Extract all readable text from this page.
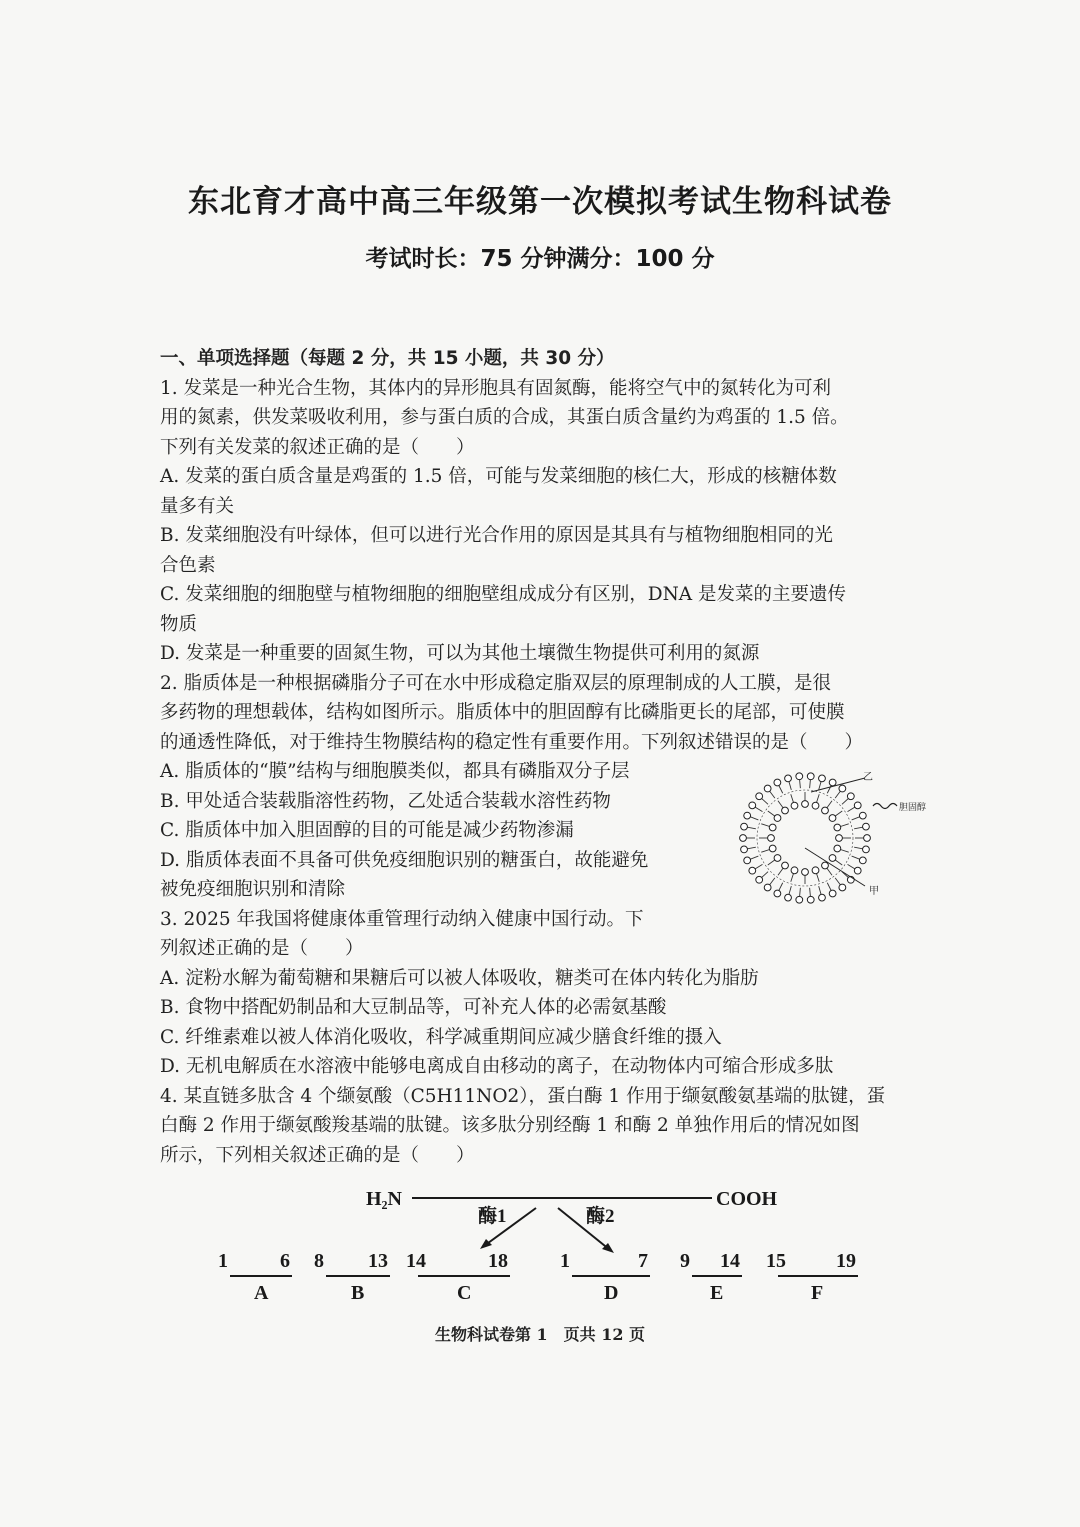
东北育才高中高三年级第一次模拟考试生物科试卷
考试时长：75 分钟满分：100 分
一、单项选择题（每题 2 分，共 15 小题，共 30 分）
1. 发菜是一种光合生物，其体内的异形胞具有固氮酶，能将空气中的氮转化为可利
用的氮素，供发菜吸收利用，参与蛋白质的合成，其蛋白质含量约为鸡蛋的 1.5 倍。
下列有关发菜的叙述正确的是（　　）
A. 发菜的蛋白质含量是鸡蛋的 1.5 倍，可能与发菜细胞的核仁大，形成的核糖体数
量多有关
B. 发菜细胞没有叶绿体，但可以进行光合作用的原因是其具有与植物细胞相同的光
合色素
C. 发菜细胞的细胞壁与植物细胞的细胞壁组成成分有区别，DNA 是发菜的主要遗传
物质
D. 发菜是一种重要的固氮生物，可以为其他土壤微生物提供可利用的氮源
2. 脂质体是一种根据磷脂分子可在水中形成稳定脂双层的原理制成的人工膜，是很
多药物的理想载体，结构如图所示。脂质体中的胆固醇有比磷脂更长的尾部，可使膜
的通透性降低，对于维持生物膜结构的稳定性有重要作用。下列叙述错误的是（　　）
A. 脂质体的“膜”结构与细胞膜类似，都具有磷脂双分子层
B. 甲处适合装载脂溶性药物，乙处适合装载水溶性药物
C. 脂质体中加入胆固醇的目的可能是减少药物渗漏
D. 脂质体表面不具备可供免疫细胞识别的糖蛋白，故能避免
被免疫细胞识别和清除
乙
胆固醇
甲
3. 2025 年我国将健康体重管理行动纳入健康中国行动。下
列叙述正确的是（　　）
A. 淀粉水解为葡萄糖和果糖后可以被人体吸收，糖类可在体内转化为脂肪
B. 食物中搭配奶制品和大豆制品等，可补充人体的必需氨基酸
C. 纤维素难以被人体消化吸收，科学减重期间应减少膳食纤维的摄入
D. 无机电解质在水溶液中能够电离成自由移动的离子，在动物体内可缩合形成多肽
4. 某直链多肽含 4 个缬氨酸（C5H11NO2），蛋白酶 1 作用于缬氨酸氨基端的肽键，蛋
白酶 2 作用于缬氨酸羧基端的肽键。该多肽分别经酶 1 和酶 2 单独作用后的情况如图
所示，下列相关叙述正确的是（　　）
H₂N	COOH
酶1	酶2
1	6
A
8 13
B
14	18
C
1	7
D
9 14
E
15	19
F
生物科试卷第 1　页共 12 页
